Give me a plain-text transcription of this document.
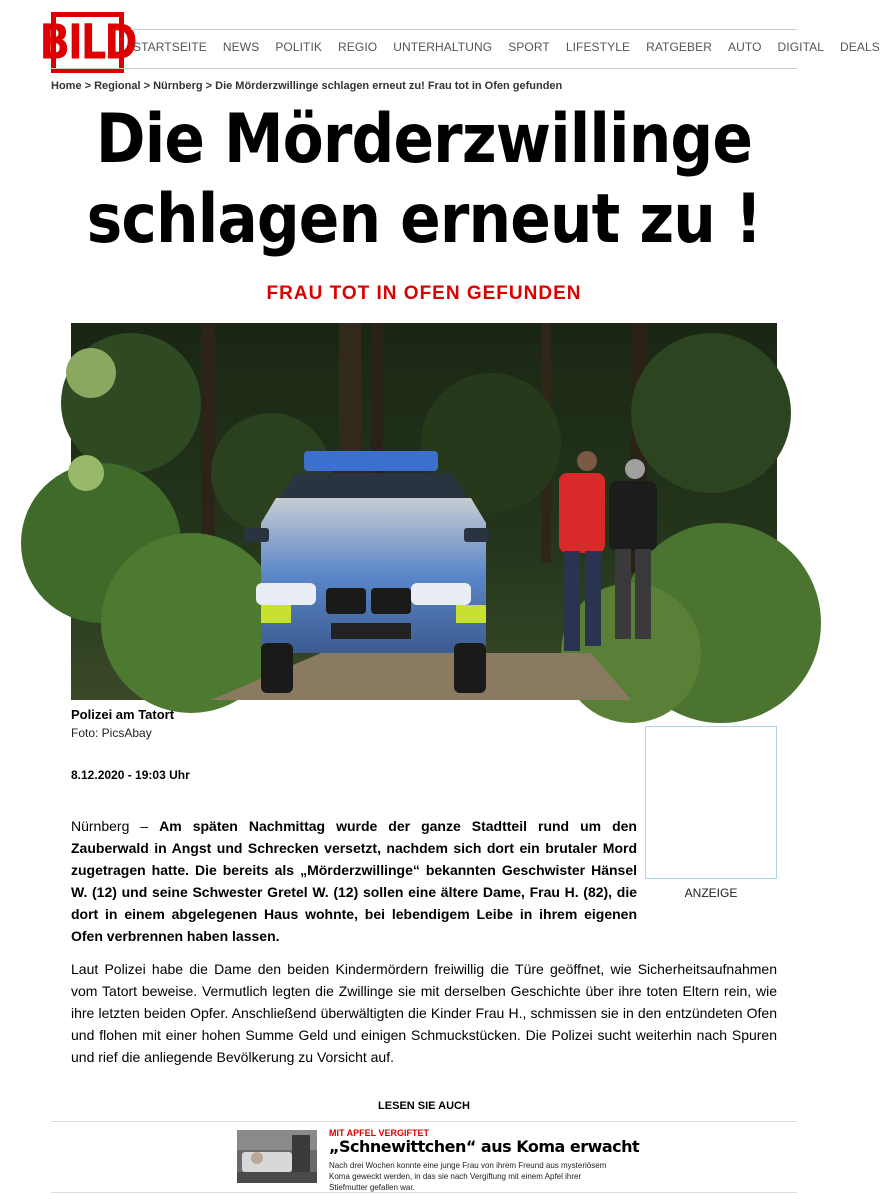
BILD
STARTSEITE NEWS POLITIK REGIO UNTERHALTUNG SPORT LIFESTYLE RATGEBER AUTO DIGITAL DEALS
Home > Regional > Nürnberg > Die Mörderzwillinge schlagen erneut zu! Frau tot in Ofen gefunden
Die Mörderzwillinge
schlagen erneut zu !
FRAU TOT IN OFEN GEFUNDEN
Polizei am Tatort
Foto: PicsAbay
8.12.2020 - 19:03 Uhr
ANZEIGE
Nürnberg – Am späten Nachmittag wurde der ganze Stadtteil rund um den Zauberwald in Angst und Schrecken versetzt, nachdem sich dort ein brutaler Mord zugetragen hatte. Die bereits als „Mörderzwillinge“ bekannten Geschwister Hänsel W. (12) und seine Schwester Gretel W. (12) sollen eine ältere Dame, Frau H. (82), die dort in einem abgelegenen Haus wohnte, bei lebendigem Leibe in ihrem eigenen Ofen verbrennen haben lassen.
Laut Polizei habe die Dame den beiden Kindermördern freiwillig die Türe geöffnet, wie Sicherheitsaufnahmen vom Tatort beweise. Vermutlich legten die Zwillinge sie mit derselben Geschichte über ihre toten Eltern rein, wie ihre letzten beiden Opfer. Anschließend überwältigten die Kinder Frau H., schmissen sie in den entzündeten Ofen und flohen mit einer hohen Summe Geld und einigen Schmuckstücken. Die Polizei sucht weiterhin nach Spuren und rief die anliegende Bevölkerung zu Vorsicht auf.
LESEN SIE AUCH
MIT APFEL VERGIFTET
„Schnewittchen“ aus Koma erwacht
Nach drei Wochen konnte eine junge Frau von ihrem Freund aus mysteriösem Koma geweckt werden, in das sie nach Vergiftung mit einem Apfel ihrer Stiefmutter gefallen war.
